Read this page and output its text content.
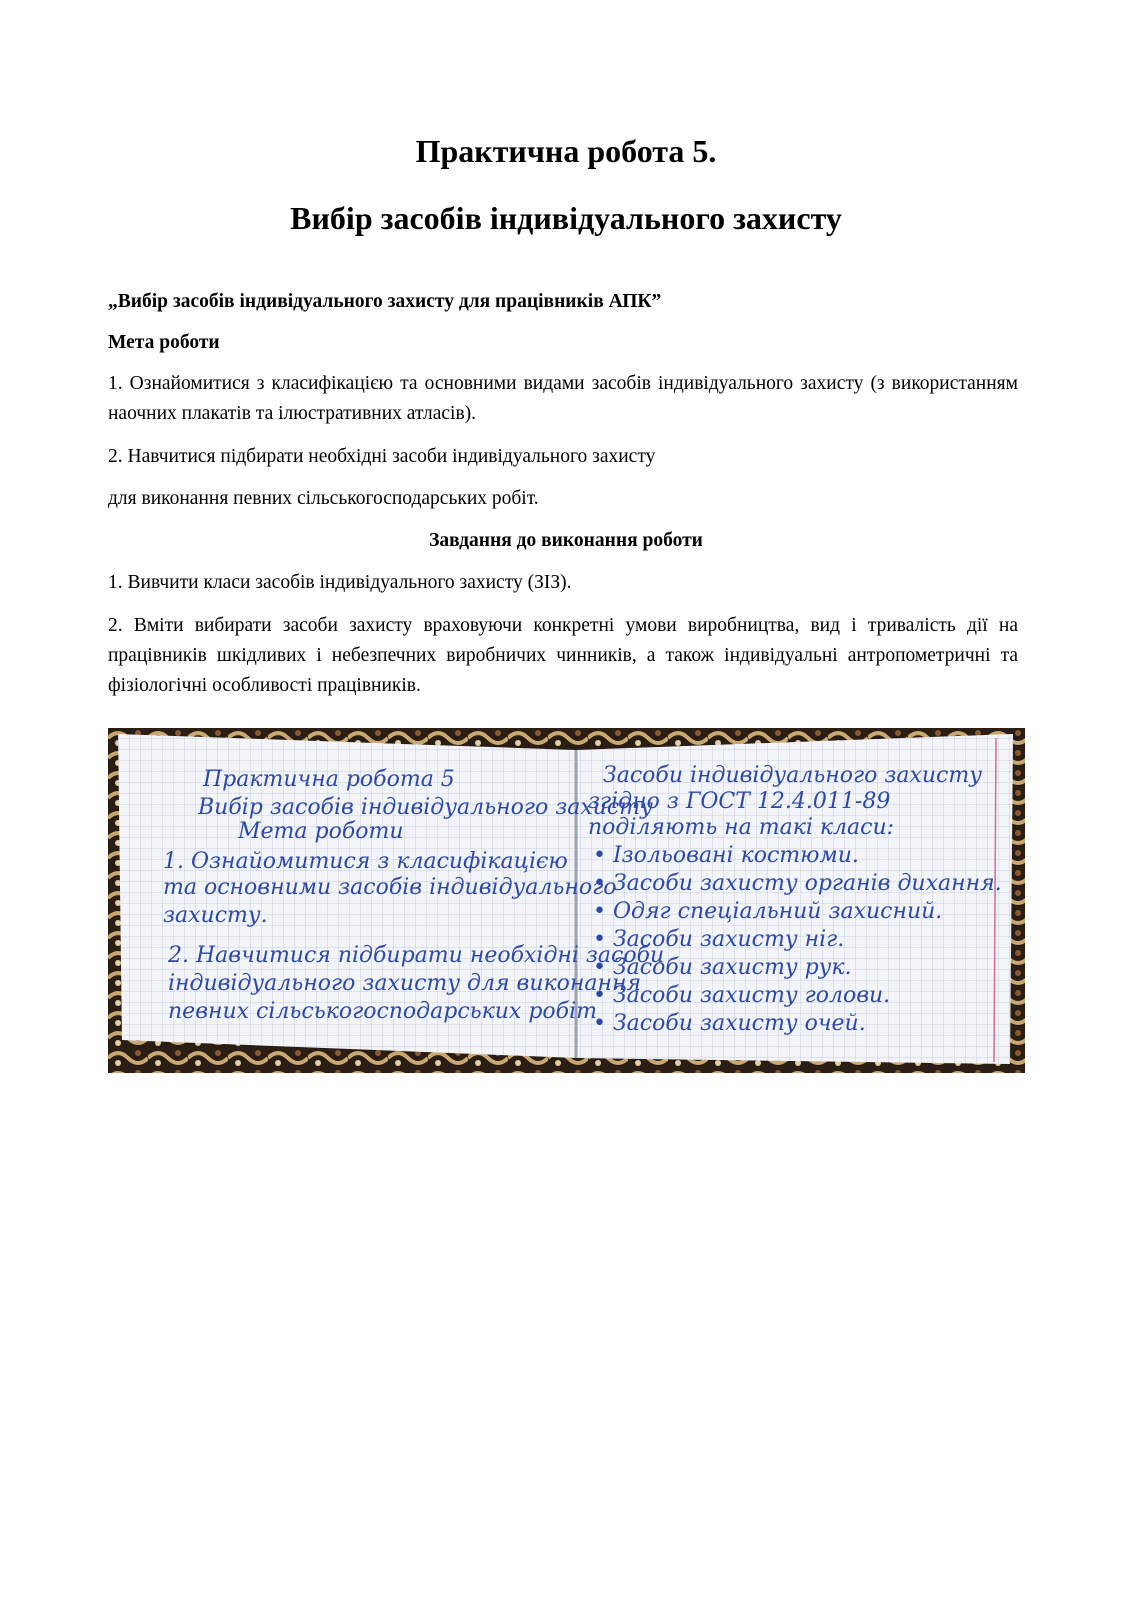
Практична робота 5.
Вибір засобів індивідуального захисту
„Вибір засобів індивідуального захисту для працівників АПК”
Мета роботи
1. Ознайомитися з класифікацією та основними видами засобів індивідуального захисту (з використанням наочних плакатів та ілюстративних атласів).
2. Навчитися підбирати необхідні засоби індивідуального захисту
для виконання певних сільськогосподарських робіт.
Завдання до виконання роботи
1. Вивчити класи засобів індивідуального захисту (ЗІЗ).
2. Вміти вибирати засоби захисту враховуючи конкретні умови виробництва, вид і тривалість дії на працівників шкідливих і небезпечних виробничих чинників, а також індивідуальні антропометричні та фізіологічні особливості працівників.
Практична робота 5
Вибір засобів індивідуального захисту
Мета роботи
1. Ознайомитися з класифікацією
та основними засобів індивідуального
захисту.
2. Навчитися підбирати необхідні засоби
індивідуального захисту для виконання
певних сільськогосподарських робіт
Засоби індивідуального захисту
згідно з ГОСТ 12.4.011-89
поділяють на такі класи:
• Ізольовані костюми.
• Засоби захисту органів дихання.
• Одяг спеціальний захисний.
• Засоби захисту ніг.
• Засоби захисту рук.
• Засоби захисту голови.
• Засоби захисту очей.
